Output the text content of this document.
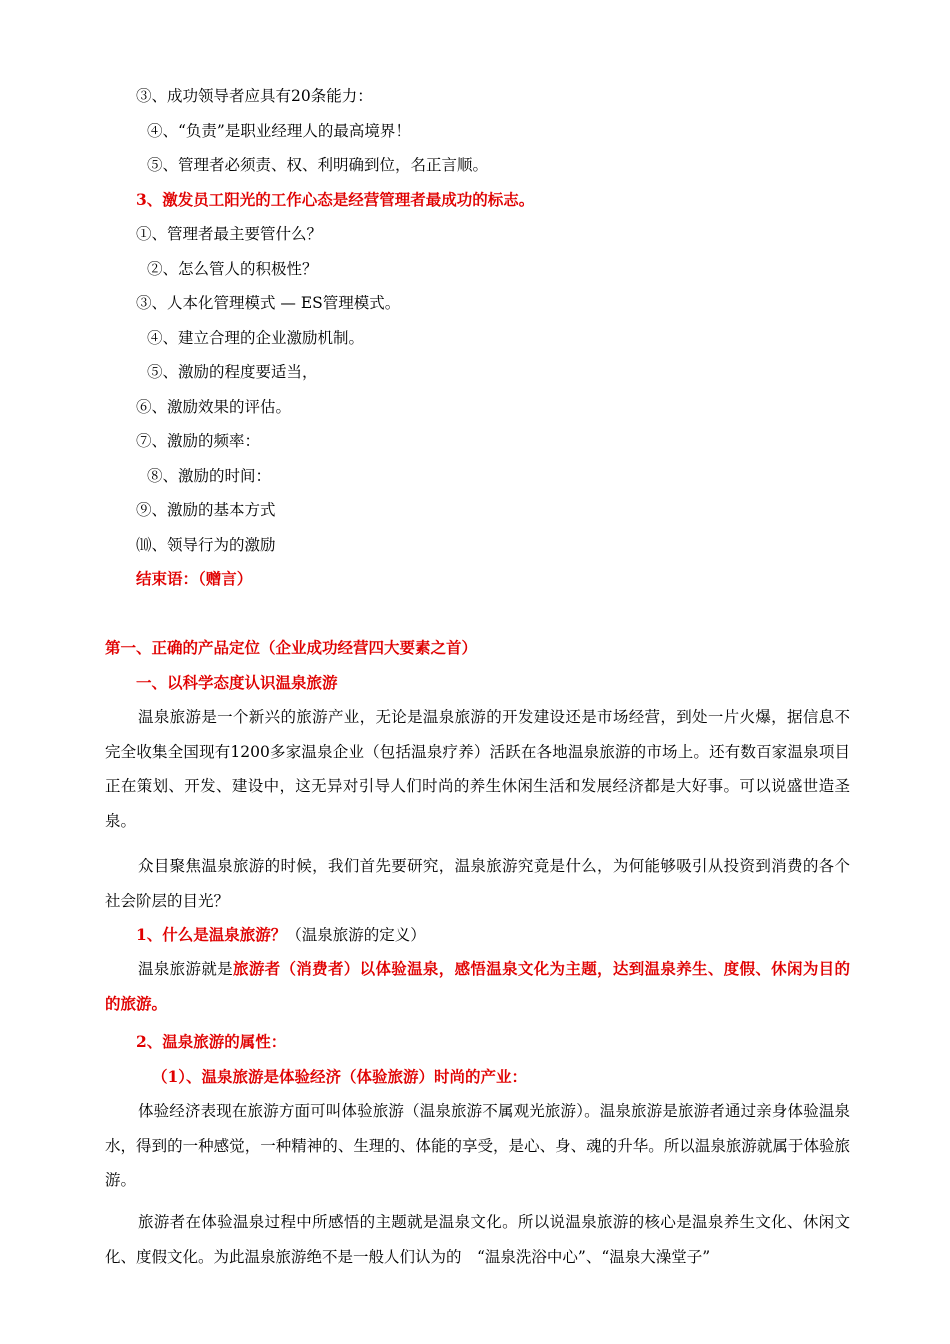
③、成功领导者应具有20条能力：
④、“负责”是职业经理人的最高境界！
⑤、管理者必须责、权、利明确到位，名正言顺。
3、激发员工阳光的工作心态是经营管理者最成功的标志。
①、管理者最主要管什么？
②、怎么管人的积极性？
③、人本化管理模式 — ES管理模式。
④、建立合理的企业激励机制。
⑤、激励的程度要适当，
⑥、激励效果的评估。
⑦、激励的频率：
⑧、激励的时间：
⑨、激励的基本方式
⑽、领导行为的激励
结束语：（赠言）
第一、正确的产品定位（企业成功经营四大要素之首）
一、以科学态度认识温泉旅游
温泉旅游是一个新兴的旅游产业，无论是温泉旅游的开发建设还是市场经营，到处一片火爆，据信息不完全收集全国现有1200多家温泉企业（包括温泉疗养）活跃在各地温泉旅游的市场上。还有数百家温泉项目正在策划、开发、建设中，这无异对引导人们时尚的养生休闲生活和发展经济都是大好事。可以说盛世造圣泉。
众目聚焦温泉旅游的时候，我们首先要研究，温泉旅游究竟是什么，为何能够吸引从投资到消费的各个社会阶层的目光？
1、什么是温泉旅游？（温泉旅游的定义）
温泉旅游就是旅游者（消费者）以体验温泉，感悟温泉文化为主题，达到温泉养生、度假、休闲为目的的旅游。
2、温泉旅游的属性：
（1）、温泉旅游是体验经济（体验旅游）时尚的产业：
体验经济表现在旅游方面可叫体验旅游（温泉旅游不属观光旅游）。温泉旅游是旅游者通过亲身体验温泉水，得到的一种感觉，一种精神的、生理的、体能的享受，是心、身、魂的升华。所以温泉旅游就属于体验旅游。
旅游者在体验温泉过程中所感悟的主题就是温泉文化。所以说温泉旅游的核心是温泉养生文化、休闲文化、度假文化。为此温泉旅游绝不是一般人们认为的　“温泉洗浴中心”、“温泉大澡堂子”
